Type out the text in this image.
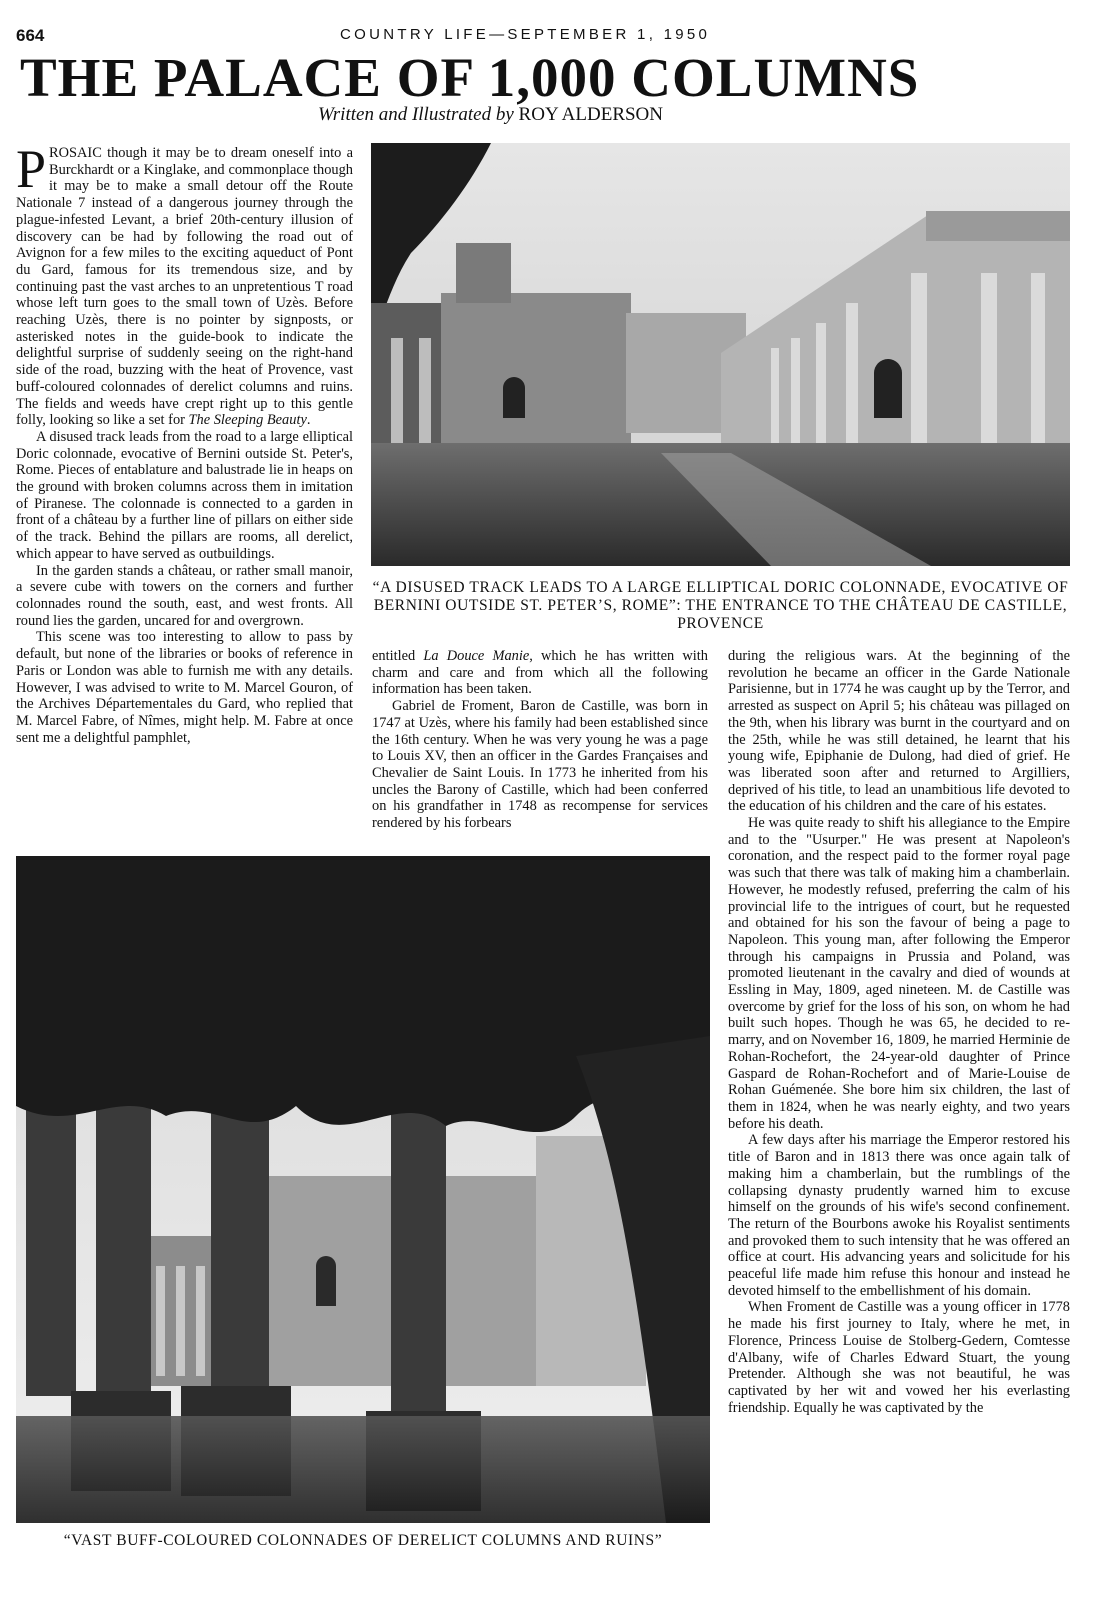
664	COUNTRY LIFE—SEPTEMBER 1, 1950
THE PALACE OF 1,000 COLUMNS
Written and Illustrated by ROY ALDERSON

PROSAIC though it may be to dream oneself into a Burckhardt or a Kinglake, and commonplace though it may be to make a small detour off the Route Nationale 7 instead of a dangerous journey through the plague-infested Levant, a brief 20th-century illusion of discovery can be had by following the road out of Avignon for a few miles to the exciting aqueduct of Pont du Gard, famous for its tremendous size, and by continuing past the vast arches to an unpretentious T road whose left turn goes to the small town of Uzès. Before reaching Uzès, there is no pointer by signposts, or asterisked notes in the guide-book to indicate the delightful surprise of suddenly seeing on the right-hand side of the road, buzzing with the heat of Provence, vast buff-coloured colonnades of derelict columns and ruins. The fields and weeds have crept right up to this gentle folly, looking so like a set for The Sleeping Beauty.

A disused track leads from the road to a large elliptical Doric colonnade, evocative of Bernini outside St. Peter's, Rome. Pieces of entablature and balustrade lie in heaps on the ground with broken columns across them in imitation of Piranese. The colonnade is connected to a garden in front of a château by a further line of pillars on either side of the track. Behind the pillars are rooms, all derelict, which appear to have served as outbuildings.

In the garden stands a château, or rather small manoir, a severe cube with towers on the corners and further colonnades round the south, east, and west fronts. All round lies the garden, uncared for and overgrown.

This scene was too interesting to allow to pass by default, but none of the libraries or books of reference in Paris or London was able to furnish me with any details. However, I was advised to write to M. Marcel Gouron, of the Archives Départementales du Gard, who replied that M. Marcel Fabre, of Nîmes, might help. M. Fabre at once sent me a delightful pamphlet,

“A DISUSED TRACK LEADS TO A LARGE ELLIPTICAL DORIC COLONNADE, EVOCATIVE OF BERNINI OUTSIDE ST. PETER’S, ROME”: THE ENTRANCE TO THE CHÂTEAU DE CASTILLE, PROVENCE

entitled La Douce Manie, which he has written with charm and care and from which all the following information has been taken.

Gabriel de Froment, Baron de Castille, was born in 1747 at Uzès, where his family had been established since the 16th century. When he was very young he was a page to Louis XV, then an officer in the Gardes Françaises and Chevalier de Saint Louis. In 1773 he inherited from his uncles the Barony of Castille, which had been conferred on his grandfather in 1748 as recompense for services rendered by his forbears

during the religious wars. At the beginning of the revolution he became an officer in the Garde Nationale Parisienne, but in 1774 he was caught up by the Terror, and arrested as suspect on April 5; his château was pillaged on the 9th, when his library was burnt in the courtyard and on the 25th, while he was still detained, he learnt that his young wife, Epiphanie de Dulong, had died of grief. He was liberated soon after and returned to Argilliers, deprived of his title, to lead an unambitious life devoted to the education of his children and the care of his estates.

He was quite ready to shift his allegiance to the Empire and to the "Usurper." He was present at Napoleon's coronation, and the respect paid to the former royal page was such that there was talk of making him a chamberlain. However, he modestly refused, preferring the calm of his provincial life to the intrigues of court, but he requested and obtained for his son the favour of being a page to Napoleon. This young man, after following the Emperor through his campaigns in Prussia and Poland, was promoted lieutenant in the cavalry and died of wounds at Essling in May, 1809, aged nineteen. M. de Castille was overcome by grief for the loss of his son, on whom he had built such hopes. Though he was 65, he decided to re-marry, and on November 16, 1809, he married Herminie de Rohan-Rochefort, the 24-year-old daughter of Prince Gaspard de Rohan-Rochefort and of Marie-Louise de Rohan Guémenée. She bore him six children, the last of them in 1824, when he was nearly eighty, and two years before his death.

A few days after his marriage the Emperor restored his title of Baron and in 1813 there was once again talk of making him a chamberlain, but the rumblings of the collapsing dynasty prudently warned him to excuse himself on the grounds of his wife's second confinement. The return of the Bourbons awoke his Royalist sentiments and provoked them to such intensity that he was offered an office at court. His advancing years and solicitude for his peaceful life made him refuse this honour and instead he devoted himself to the embellishment of his domain.

When Froment de Castille was a young officer in 1778 he made his first journey to Italy, where he met, in Florence, Princess Louise de Stolberg-Gedern, Comtesse d'Albany, wife of Charles Edward Stuart, the young Pretender. Although she was not beautiful, he was captivated by her wit and vowed her his everlasting friendship. Equally he was captivated by the

“VAST BUFF-COLOURED COLONNADES OF DERELICT COLUMNS AND RUINS”
